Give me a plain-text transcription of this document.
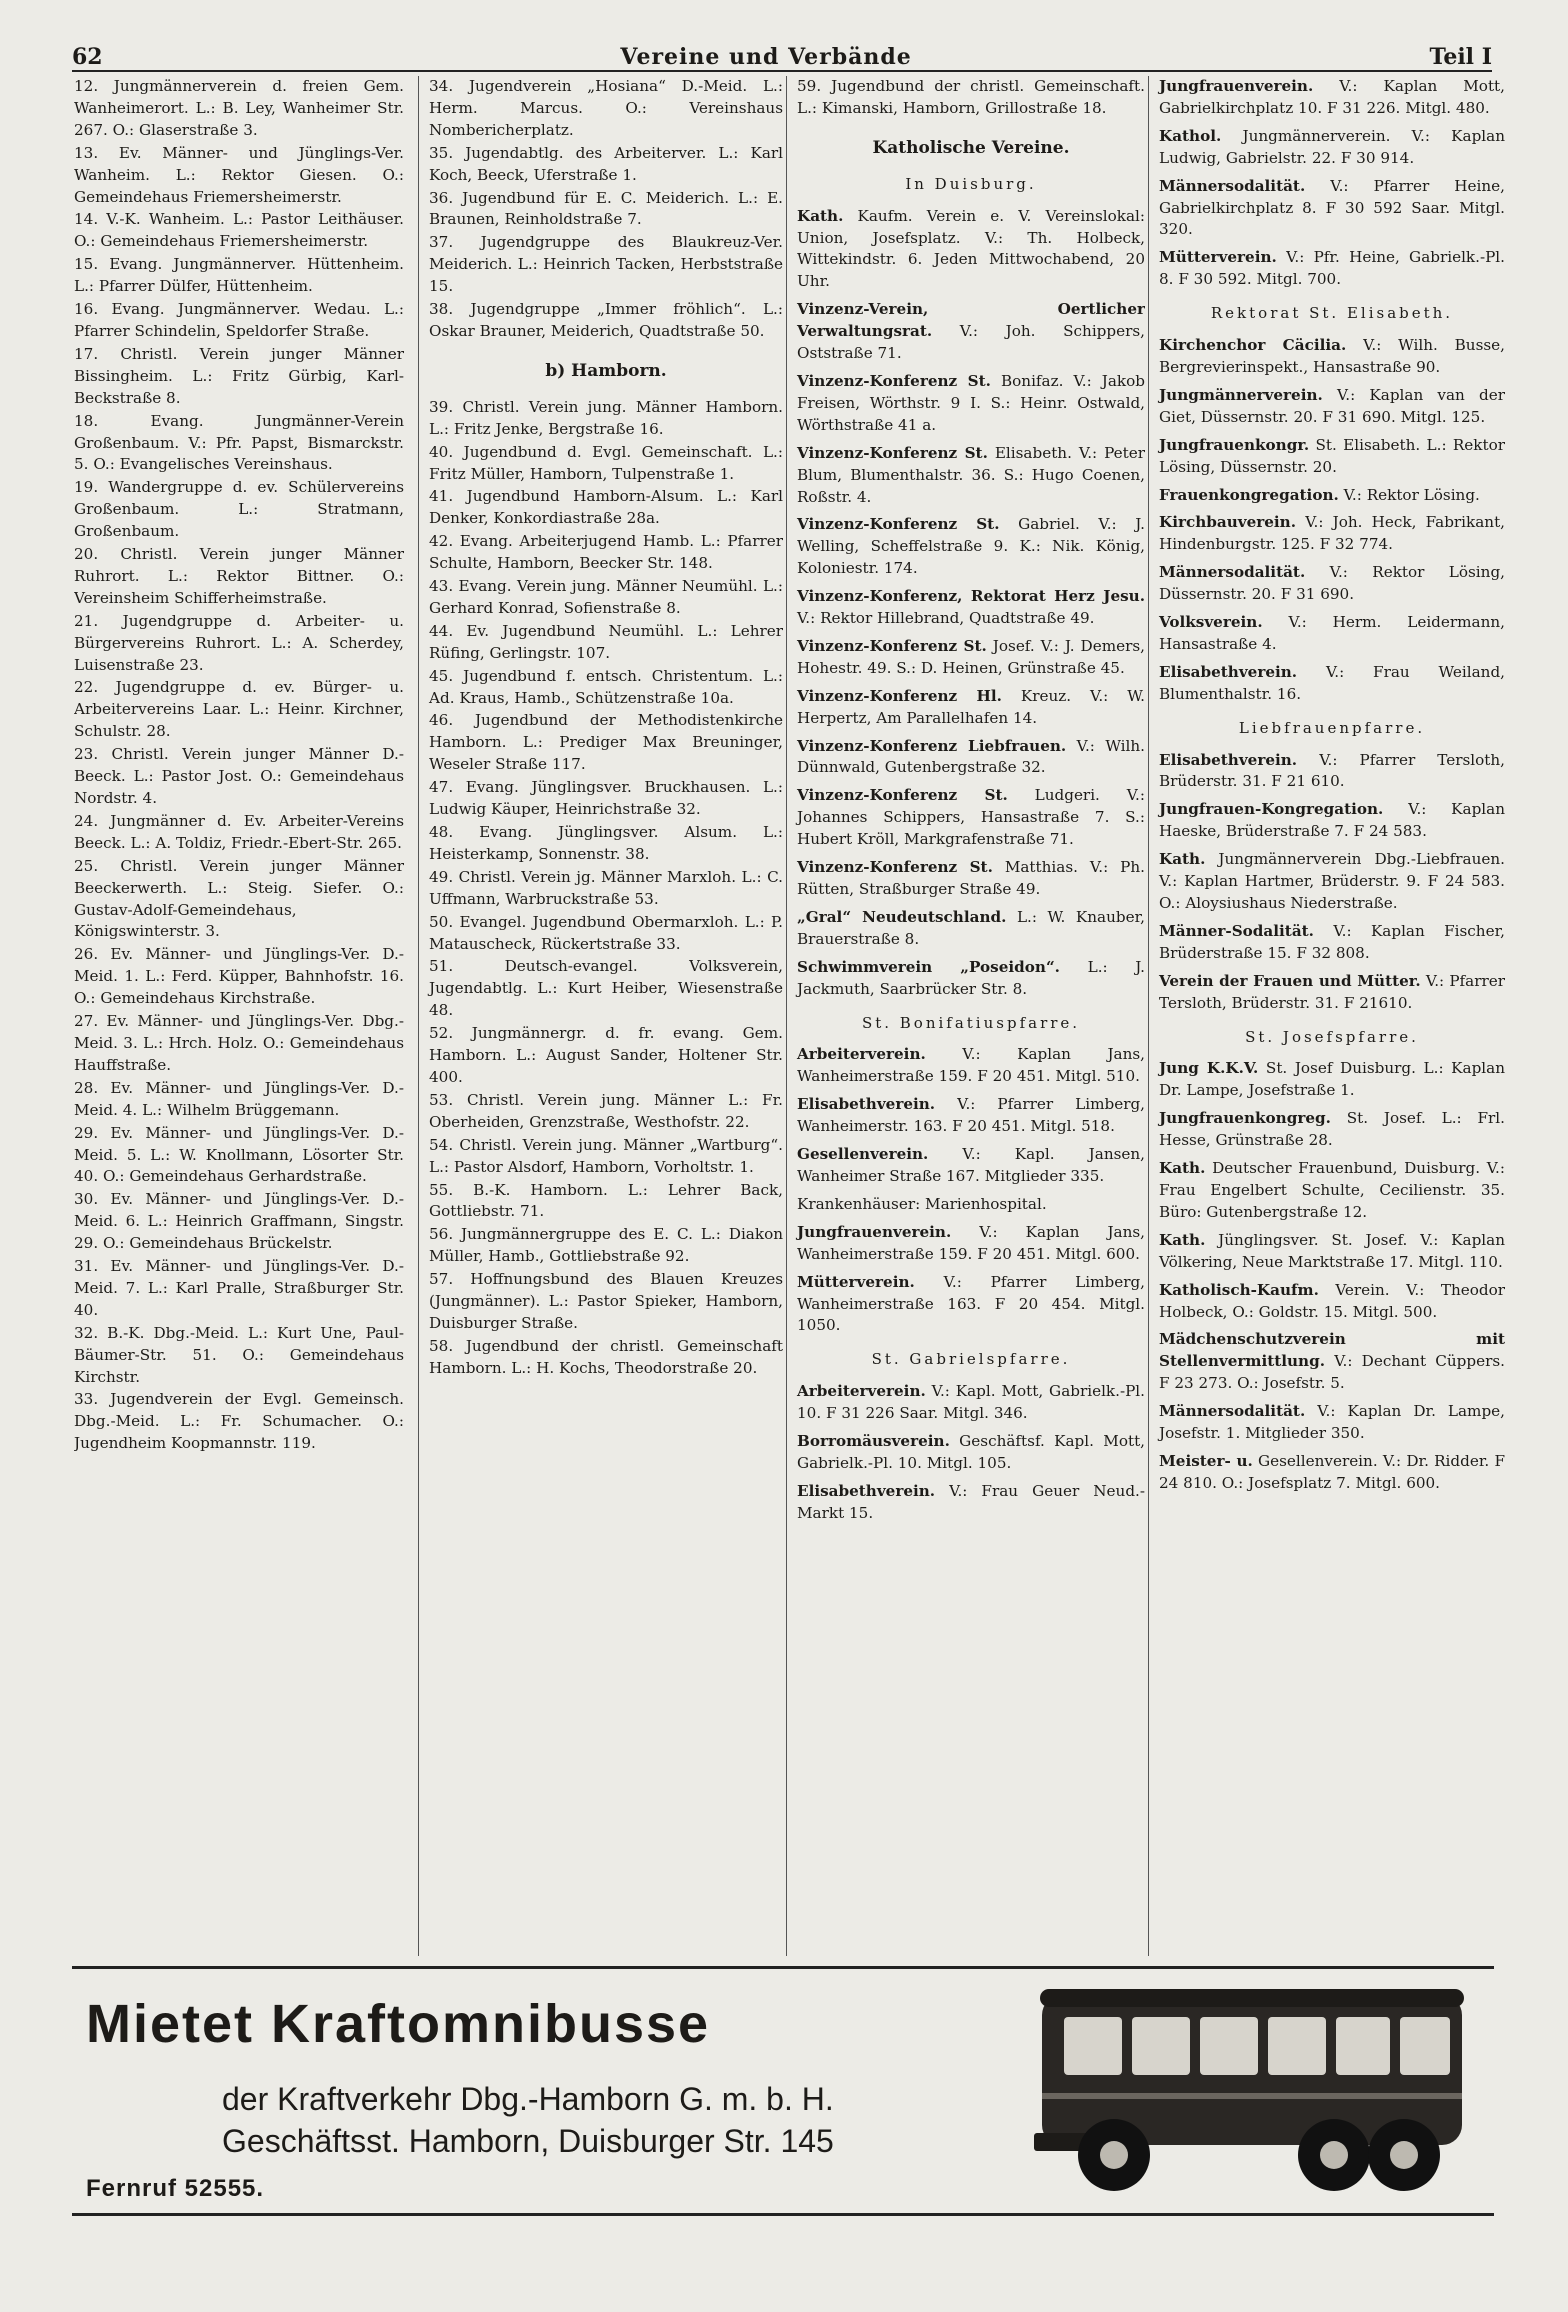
62	Vereine und Verbände	Teil I
12. Jungmännerverein d. freien Gem. Wanheimerort. L.: B. Ley, Wanheimer Str. 267. O.: Glaserstraße 3.
13. Ev. Männer- und Jünglings-Ver. Wanheim. L.: Rektor Giesen. O.: Gemeindehaus Friemersheimerstr.
14. V.-K. Wanheim. L.: Pastor Leithäuser. O.: Gemeindehaus Friemersheimerstr.
15. Evang. Jungmännerver. Hüttenheim. L.: Pfarrer Dülfer, Hüttenheim.
16. Evang. Jungmännerver. Wedau. L.: Pfarrer Schindelin, Speldorfer Straße.
17. Christl. Verein junger Männer Bissingheim. L.: Fritz Gürbig, Karl-Beckstraße 8.
18. Evang. Jungmänner-Verein Großenbaum. V.: Pfr. Papst, Bismarckstr. 5. O.: Evangelisches Vereinshaus.
19. Wandergruppe d. ev. Schülervereins Großenbaum. L.: Stratmann, Großenbaum.
20. Christl. Verein junger Männer Ruhrort. L.: Rektor Bittner. O.: Vereinsheim Schifferheimstraße.
21. Jugendgruppe d. Arbeiter- u. Bürgervereins Ruhrort. L.: A. Scherdey, Luisenstraße 23.
22. Jugendgruppe d. ev. Bürger- u. Arbeitervereins Laar. L.: Heinr. Kirchner, Schulstr. 28.
23. Christl. Verein junger Männer D.-Beeck. L.: Pastor Jost. O.: Gemeindehaus Nordstr. 4.
24. Jungmänner d. Ev. Arbeiter-Vereins Beeck. L.: A. Toldiz, Friedr.-Ebert-Str. 265.
25. Christl. Verein junger Männer Beeckerwerth. L.: Steig. Siefer. O.: Gustav-Adolf-Gemeindehaus, Königswinterstr. 3.
26. Ev. Männer- und Jünglings-Ver. D.-Meid. 1. L.: Ferd. Küpper, Bahnhofstr. 16. O.: Gemeindehaus Kirchstraße.
27. Ev. Männer- und Jünglings-Ver. Dbg.-Meid. 3. L.: Hrch. Holz. O.: Gemeindehaus Hauffstraße.
28. Ev. Männer- und Jünglings-Ver. D.-Meid. 4. L.: Wilhelm Brüggemann.
29. Ev. Männer- und Jünglings-Ver. D.-Meid. 5. L.: W. Knollmann, Lösorter Str. 40. O.: Gemeindehaus Gerhardstraße.
30. Ev. Männer- und Jünglings-Ver. D.-Meid. 6. L.: Heinrich Graffmann, Singstr. 29. O.: Gemeindehaus Brückelstr.
31. Ev. Männer- und Jünglings-Ver. D.-Meid. 7. L.: Karl Pralle, Straßburger Str. 40.
32. B.-K. Dbg.-Meid. L.: Kurt Une, Paul-Bäumer-Str. 51. O.: Gemeindehaus Kirchstr.
33. Jugendverein der Evgl. Gemeinsch. Dbg.-Meid. L.: Fr. Schumacher. O.: Jugendheim Koopmannstr. 119.
34. Jugendverein „Hosiana“ D.-Meid. L.: Herm. Marcus. O.: Vereinshaus Nombericherplatz.
35. Jugendabtlg. des Arbeiterver. L.: Karl Koch, Beeck, Uferstraße 1.
36. Jugendbund für E. C. Meiderich. L.: E. Braunen, Reinholdstraße 7.
37. Jugendgruppe des Blaukreuz-Ver. Meiderich. L.: Heinrich Tacken, Herbststraße 15.
38. Jugendgruppe „Immer fröhlich“. L.: Oskar Brauner, Meiderich, Quadtstraße 50.
b) Hamborn.
39. Christl. Verein jung. Männer Hamborn. L.: Fritz Jenke, Bergstraße 16.
40. Jugendbund d. Evgl. Gemeinschaft. L.: Fritz Müller, Hamborn, Tulpenstraße 1.
41. Jugendbund Hamborn-Alsum. L.: Karl Denker, Konkordiastraße 28a.
42. Evang. Arbeiterjugend Hamb. L.: Pfarrer Schulte, Hamborn, Beecker Str. 148.
43. Evang. Verein jung. Männer Neumühl. L.: Gerhard Konrad, Sofienstraße 8.
44. Ev. Jugendbund Neumühl. L.: Lehrer Rüfing, Gerlingstr. 107.
45. Jugendbund f. entsch. Christentum. L.: Ad. Kraus, Hamb., Schützenstraße 10a.
46. Jugendbund der Methodistenkirche Hamborn. L.: Prediger Max Breuninger, Weseler Straße 117.
47. Evang. Jünglingsver. Bruckhausen. L.: Ludwig Käuper, Heinrichstraße 32.
48. Evang. Jünglingsver. Alsum. L.: Heisterkamp, Sonnenstr. 38.
49. Christl. Verein jg. Männer Marxloh. L.: C. Uffmann, Warbruckstraße 53.
50. Evangel. Jugendbund Obermarxloh. L.: P. Matauscheck, Rückertstraße 33.
51. Deutsch-evangel. Volksverein, Jugendabtlg. L.: Kurt Heiber, Wiesenstraße 48.
52. Jungmännergr. d. fr. evang. Gem. Hamborn. L.: August Sander, Holtener Str. 400.
53. Christl. Verein jung. Männer L.: Fr. Oberheiden, Grenzstraße, Westhofstr. 22.
54. Christl. Verein jung. Männer „Wartburg“. L.: Pastor Alsdorf, Hamborn, Vorholtstr. 1.
55. B.-K. Hamborn. L.: Lehrer Back, Gottliebstr. 71.
56. Jungmännergruppe des E. C. L.: Diakon Müller, Hamb., Gottliebstraße 92.
57. Hoffnungsbund des Blauen Kreuzes (Jungmänner). L.: Pastor Spieker, Hamborn, Duisburger Straße.
58. Jugendbund der christl. Gemeinschaft Hamborn. L.: H. Kochs, Theodorstraße 20.
59. Jugendbund der christl. Gemeinschaft. L.: Kimanski, Hamborn, Grillostraße 18.
Katholische Vereine.
In Duisburg.
Kath. Kaufm. Verein e. V. Vereinslokal: Union, Josefsplatz. V.: Th. Holbeck, Wittekindstr. 6. Jeden Mittwochabend, 20 Uhr.
Vinzenz-Verein, Oertlicher Verwaltungsrat. V.: Joh. Schippers, Oststraße 71.
Vinzenz-Konferenz St. Bonifaz. V.: Jakob Freisen, Wörthstr. 9 I. S.: Heinr. Ostwald, Wörthstraße 41 a.
Vinzenz-Konferenz St. Elisabeth. V.: Peter Blum, Blumenthalstr. 36. S.: Hugo Coenen, Roßstr. 4.
Vinzenz-Konferenz St. Gabriel. V.: J. Welling, Scheffelstraße 9. K.: Nik. König, Koloniestr. 174.
Vinzenz-Konferenz, Rektorat Herz Jesu. V.: Rektor Hillebrand, Quadtstraße 49.
Vinzenz-Konferenz St. Josef. V.: J. Demers, Hohestr. 49. S.: D. Heinen, Grünstraße 45.
Vinzenz-Konferenz Hl. Kreuz. V.: W. Herpertz, Am Parallelhafen 14.
Vinzenz-Konferenz Liebfrauen. V.: Wilh. Dünnwald, Gutenbergstraße 32.
Vinzenz-Konferenz St. Ludgeri. V.: Johannes Schippers, Hansastraße 7. S.: Hubert Kröll, Markgrafenstraße 71.
Vinzenz-Konferenz St. Matthias. V.: Ph. Rütten, Straßburger Straße 49.
„Gral“ Neudeutschland. L.: W. Knauber, Brauerstraße 8.
Schwimmverein „Poseidon“. L.: J. Jackmuth, Saarbrücker Str. 8.
St. Bonifatiuspfarre.
Arbeiterverein. V.: Kaplan Jans, Wanheimerstraße 159. F 20 451. Mitgl. 510.
Elisabethverein. V.: Pfarrer Limberg, Wanheimerstr. 163. F 20 451. Mitgl. 518.
Gesellenverein. V.: Kapl. Jansen, Wanheimer Straße 167. Mitglieder 335.
Krankenhäuser: Marienhospital.
Jungfrauenverein. V.: Kaplan Jans, Wanheimerstraße 159. F 20 451. Mitgl. 600.
Mütterverein. V.: Pfarrer Limberg, Wanheimerstraße 163. F 20 454. Mitgl. 1050.
St. Gabrielspfarre.
Arbeiterverein. V.: Kapl. Mott, Gabrielk.-Pl. 10. F 31 226 Saar. Mitgl. 346.
Borromäusverein. Geschäftsf. Kapl. Mott, Gabrielk.-Pl. 10. Mitgl. 105.
Elisabethverein. V.: Frau Geuer Neud.-Markt 15.
Jungfrauenverein. V.: Kaplan Mott, Gabrielkirchplatz 10. F 31 226. Mitgl. 480.
Kathol. Jungmännerverein. V.: Kaplan Ludwig, Gabrielstr. 22. F 30 914.
Männersodalität. V.: Pfarrer Heine, Gabrielkirchplatz 8. F 30 592 Saar. Mitgl. 320.
Mütterverein. V.: Pfr. Heine, Gabrielk.-Pl. 8. F 30 592. Mitgl. 700.
Rektorat St. Elisabeth.
Kirchenchor Cäcilia. V.: Wilh. Busse, Bergrevierinspekt., Hansastraße 90.
Jungmännerverein. V.: Kaplan van der Giet, Düssernstr. 20. F 31 690. Mitgl. 125.
Jungfrauenkongr. St. Elisabeth. L.: Rektor Lösing, Düssernstr. 20.
Frauenkongregation. V.: Rektor Lösing.
Kirchbauverein. V.: Joh. Heck, Fabrikant, Hindenburgstr. 125. F 32 774.
Männersodalität. V.: Rektor Lösing, Düssernstr. 20. F 31 690.
Volksverein. V.: Herm. Leidermann, Hansastraße 4.
Elisabethverein. V.: Frau Weiland, Blumenthalstr. 16.
Liebfrauenpfarre.
Elisabethverein. V.: Pfarrer Tersloth, Brüderstr. 31. F 21 610.
Jungfrauen-Kongregation. V.: Kaplan Haeske, Brüderstraße 7. F 24 583.
Kath. Jungmännerverein Dbg.-Liebfrauen. V.: Kaplan Hartmer, Brüderstr. 9. F 24 583. O.: Aloysiushaus Niederstraße.
Männer-Sodalität. V.: Kaplan Fischer, Brüderstraße 15. F 32 808.
Verein der Frauen und Mütter. V.: Pfarrer Tersloth, Brüderstr. 31. F 21610.
St. Josefspfarre.
Jung K.K.V. St. Josef Duisburg. L.: Kaplan Dr. Lampe, Josefstraße 1.
Jungfrauenkongreg. St. Josef. L.: Frl. Hesse, Grünstraße 28.
Kath. Deutscher Frauenbund, Duisburg. V.: Frau Engelbert Schulte, Cecilienstr. 35. Büro: Gutenbergstraße 12.
Kath. Jünglingsver. St. Josef. V.: Kaplan Völkering, Neue Marktstraße 17. Mitgl. 110.
Katholisch-Kaufm. Verein. V.: Theodor Holbeck, O.: Goldstr. 15. Mitgl. 500.
Mädchenschutzverein mit Stellenvermittlung. V.: Dechant Cüppers. F 23 273. O.: Josefstr. 5.
Männersodalität. V.: Kaplan Dr. Lampe, Josefstr. 1. Mitglieder 350.
Meister- u. Gesellenverein. V.: Dr. Ridder. F 24 810. O.: Josefsplatz 7. Mitgl. 600.
Mietet Kraftomnibusse
der Kraftverkehr Dbg.-Hamborn G. m. b. H.
Geschäftsst. Hamborn, Duisburger Str. 145
Fernruf 52555.
